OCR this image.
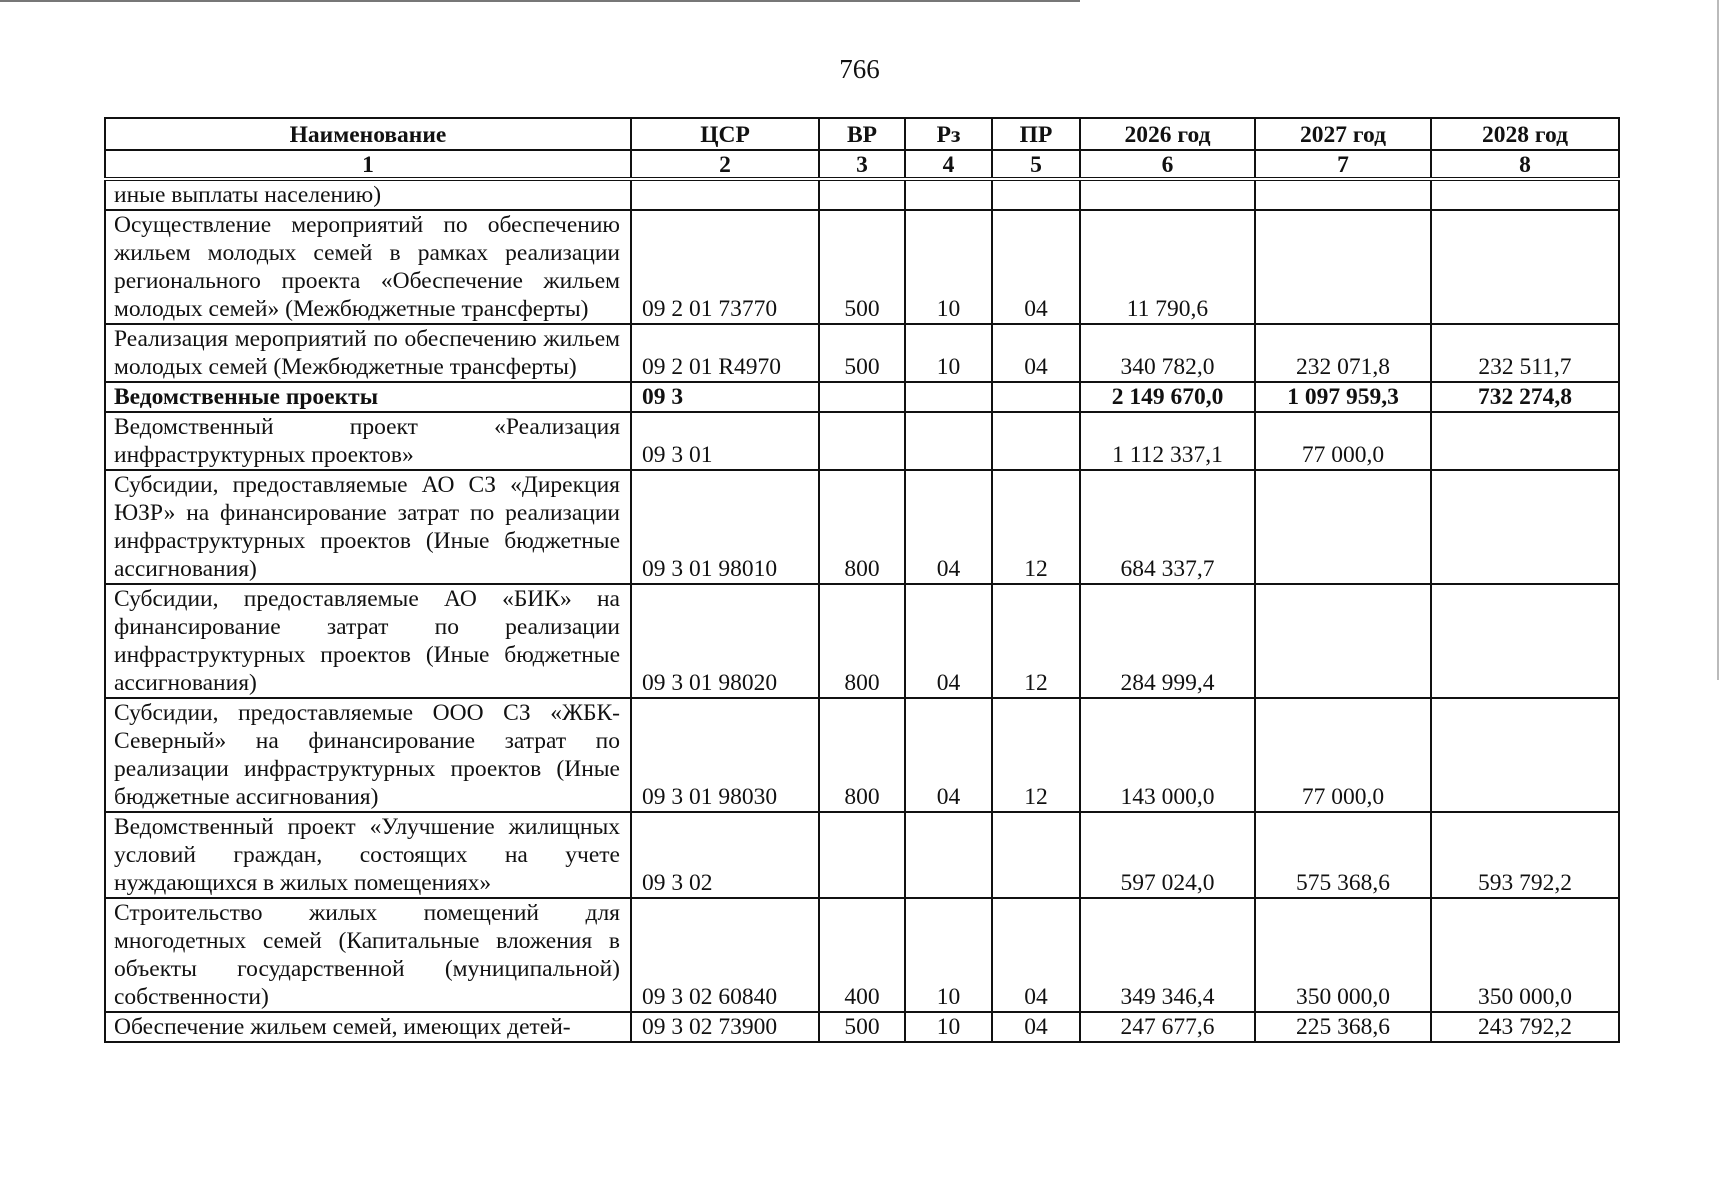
766
Наименование	ЦСР	ВР	Рз	ПР	2026 год	2027 год	2028 год
1	2	3	4	5	6	7	8
иные выплаты населению)							
Осуществление мероприятий по обеспечению жильем молодых семей в рамках реализации регионального проекта «Обеспечение жильем молодых семей» (Межбюджетные трансферты)	09 2 01 73770	500	10	04	11 790,6		
Реализация мероприятий по обеспечению жильем молодых семей (Межбюджетные трансферты)	09 2 01 R4970	500	10	04	340 782,0	232 071,8	232 511,7
Ведомственные проекты	09 3				2 149 670,0	1 097 959,3	732 274,8
Ведомственный проект «Реализация инфраструктурных проектов»	09 3 01				1 112 337,1	77 000,0	
Субсидии, предоставляемые АО СЗ «Дирекция ЮЗР» на финансирование затрат по реализации инфраструктурных проектов (Иные бюджетные ассигнования)	09 3 01 98010	800	04	12	684 337,7		
Субсидии, предоставляемые АО «БИК» на финансирование затрат по реализации инфраструктурных проектов (Иные бюджетные ассигнования)	09 3 01 98020	800	04	12	284 999,4		
Субсидии, предоставляемые ООО СЗ «ЖБК-Северный» на финансирование затрат по реализации инфраструктурных проектов (Иные бюджетные ассигнования)	09 3 01 98030	800	04	12	143 000,0	77 000,0	
Ведомственный проект «Улучшение жилищных условий граждан, состоящих на учете нуждающихся в жилых помещениях»	09 3 02				597 024,0	575 368,6	593 792,2
Строительство жилых помещений для многодетных семей (Капитальные вложения в объекты государственной (муниципальной) собственности)	09 3 02 60840	400	10	04	349 346,4	350 000,0	350 000,0
Обеспечение жильем семей, имеющих детей-	09 3 02 73900	500	10	04	247 677,6	225 368,6	243 792,2
